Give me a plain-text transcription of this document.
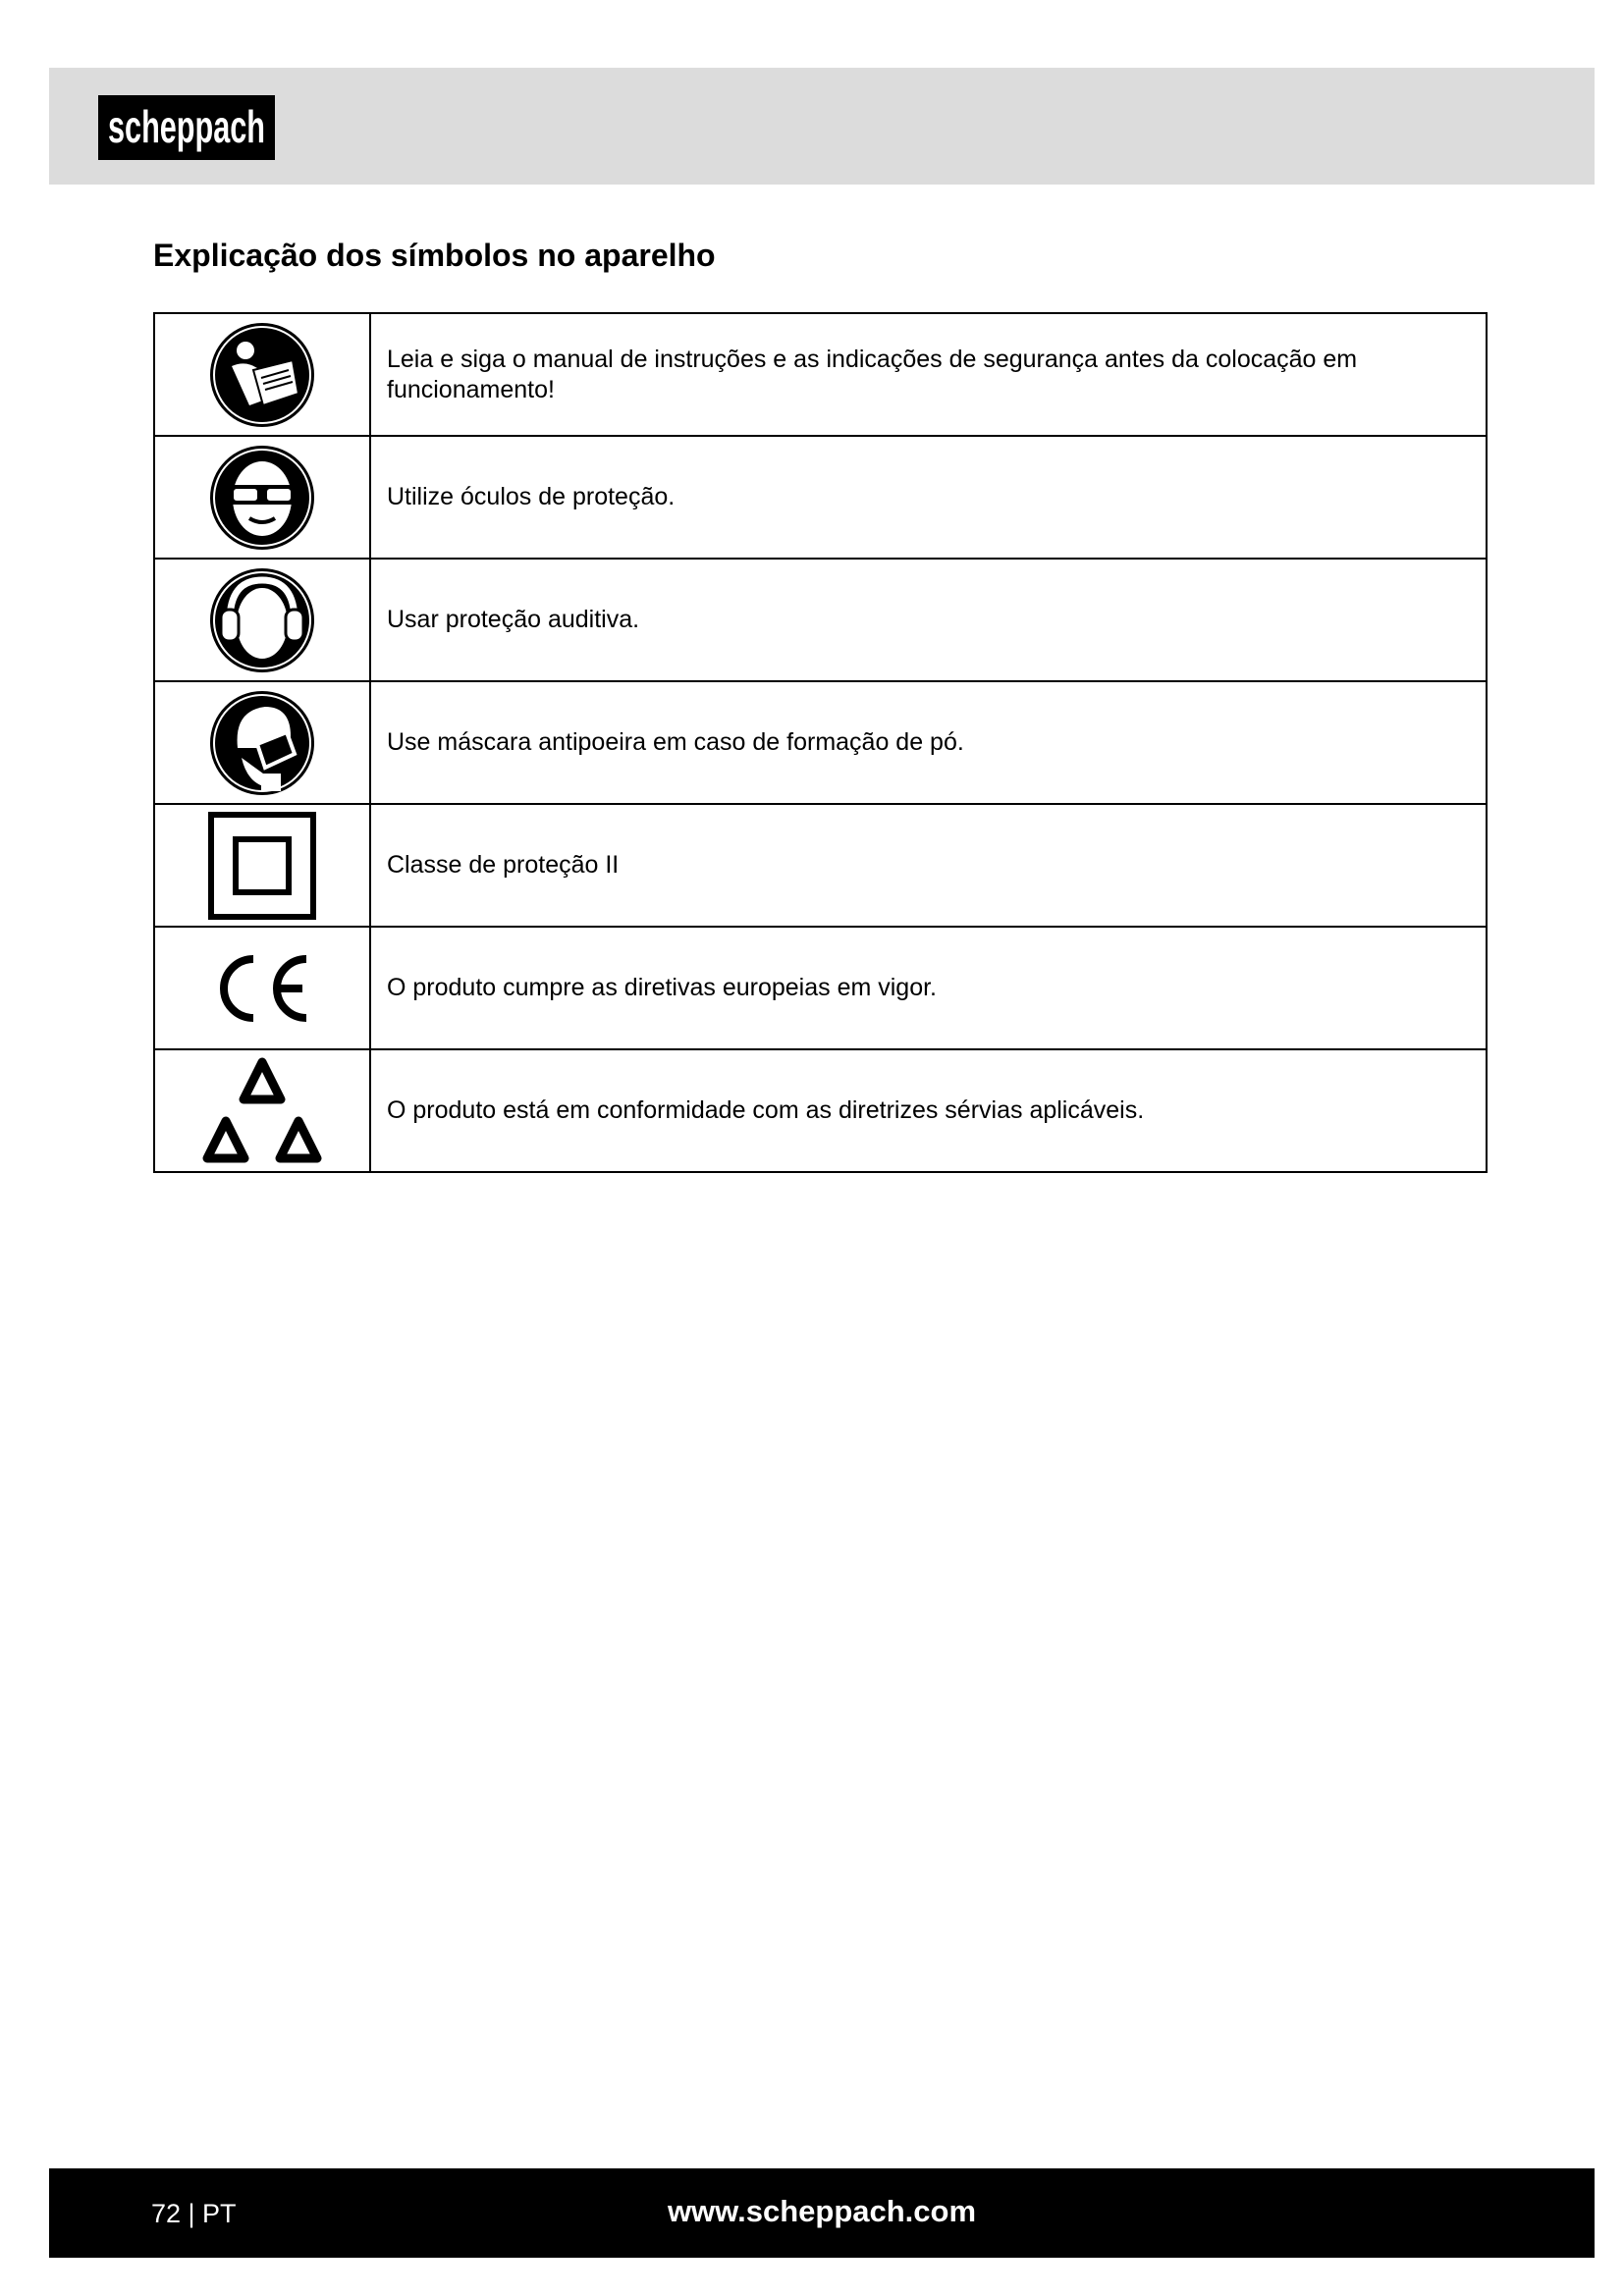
scheppach
Explicação dos símbolos no aparelho
	Leia e siga o manual de instruções e as indicações de segurança antes da colocação em funcionamento!
	Utilize óculos de proteção.
	Usar proteção auditiva.
	Use máscara antipoeira em caso de formação de pó.
	Classe de proteção II
	O produto cumpre as diretivas europeias em vigor.
	O produto está em conformidade com as diretrizes sérvias aplicáveis.
72 | PT	www.scheppach.com
